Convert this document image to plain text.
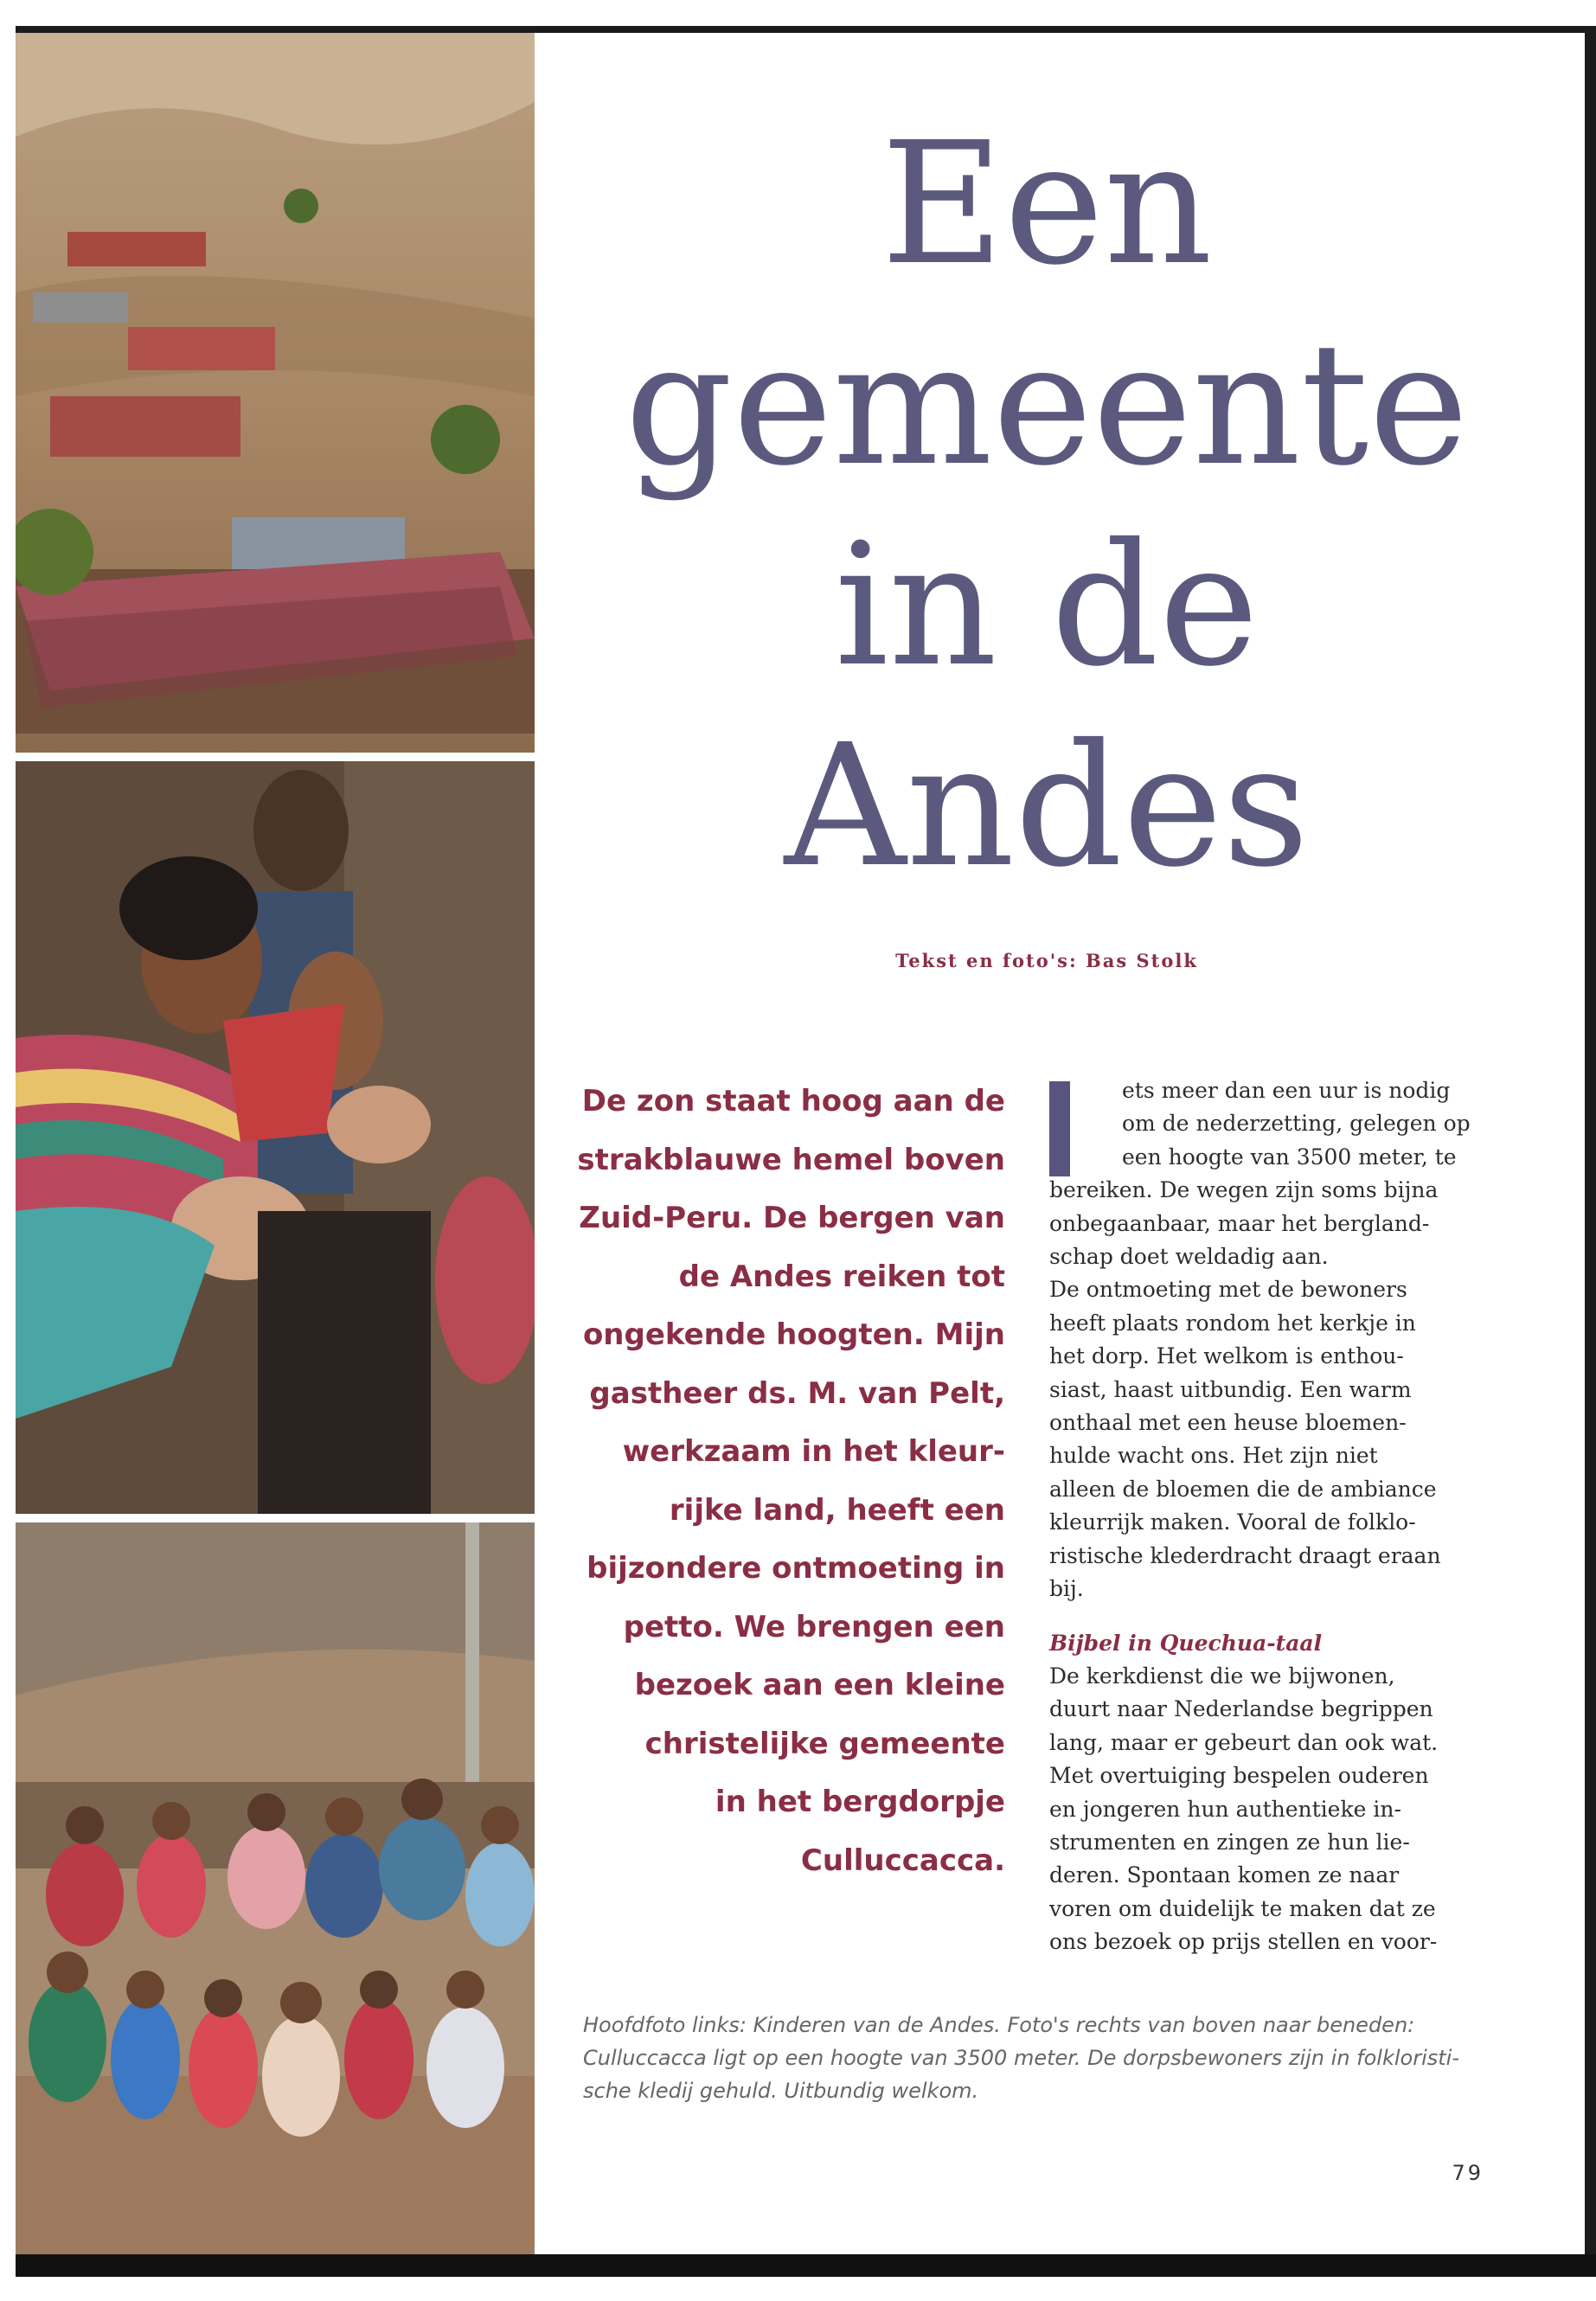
Een
gemeente
in de
Andes
Tekst en foto's: Bas Stolk
De zon staat hoog aan de
strakblauwe hemel boven
Zuid-Peru. De bergen van
de Andes reiken tot
ongekende hoogten. Mijn
gastheer ds. M. van Pelt,
werkzaam in het kleur-
rijke land, heeft een
bijzondere ontmoeting in
petto. We brengen een
bezoek aan een kleine
christelijke gemeente
in het bergdorpje
Culluccacca.
ets meer dan een uur is nodig
om de nederzetting, gelegen op
een hoogte van 3500 meter, te
bereiken. De wegen zijn soms bijna
onbegaanbaar, maar het bergland-
schap doet weldadig aan.
De ontmoeting met de bewoners
heeft plaats rondom het kerkje in
het dorp. Het welkom is enthou-
siast, haast uitbundig. Een warm
onthaal met een heuse bloemen-
hulde wacht ons. Het zijn niet
alleen de bloemen die de ambiance
kleurrijk maken. Vooral de folklo-
ristische klederdracht draagt eraan
bij.
Bijbel in Quechua-taal
De kerkdienst die we bijwonen,
duurt naar Nederlandse begrippen
lang, maar er gebeurt dan ook wat.
Met overtuiging bespelen ouderen
en jongeren hun authentieke in-
strumenten en zingen ze hun lie-
deren. Spontaan komen ze naar
voren om duidelijk te maken dat ze
ons bezoek op prijs stellen en voor-
Hoofdfoto links: Kinderen van de Andes. Foto's rechts van boven naar beneden:
Culluccacca ligt op een hoogte van 3500 meter. De dorpsbewoners zijn in folkloristi-
sche kledij gehuld. Uitbundig welkom.
79
